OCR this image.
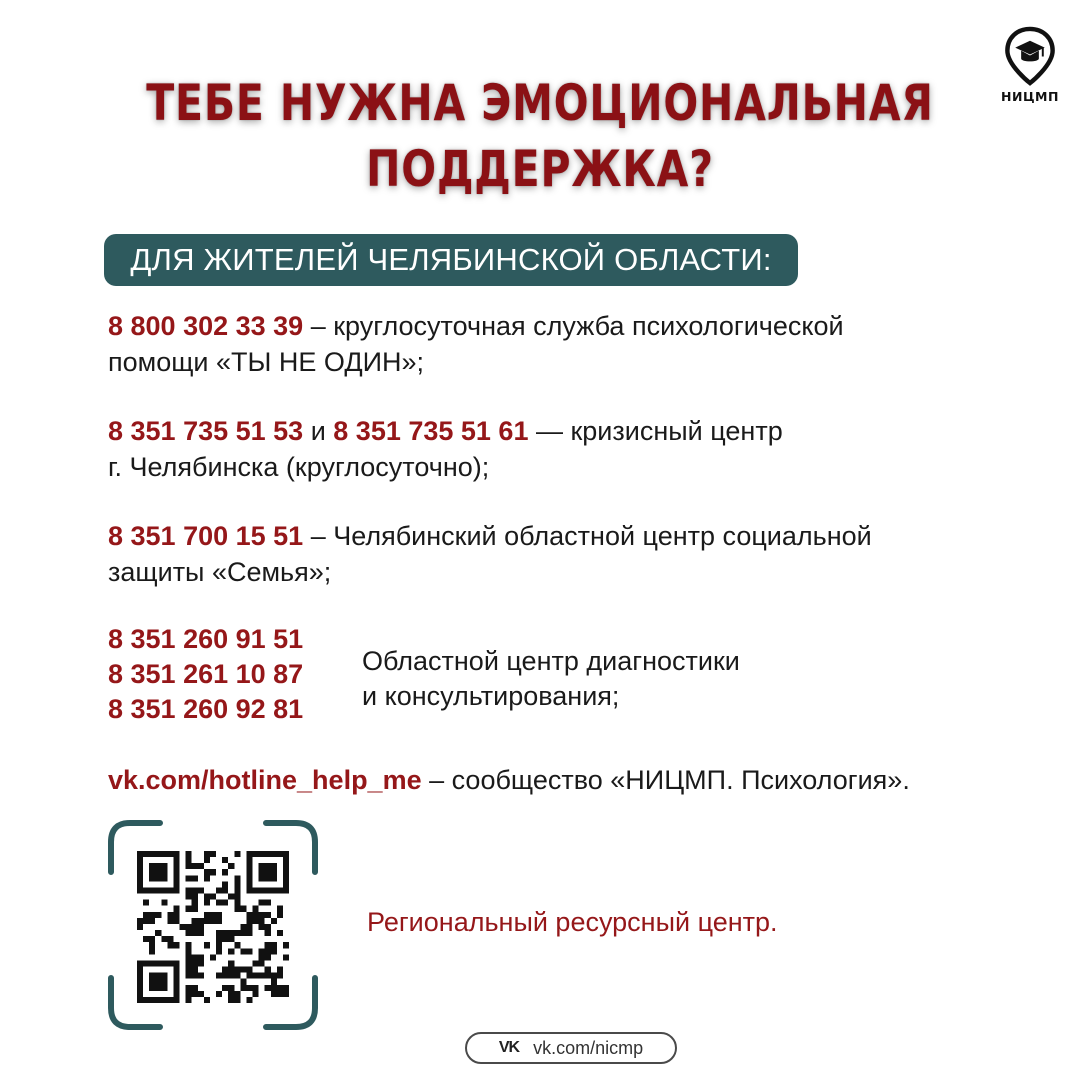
НИЦМП
ТЕБЕ НУЖНА ЭМОЦИОНАЛЬНАЯ
ПОДДЕРЖКА?
ДЛЯ ЖИТЕЛЕЙ ЧЕЛЯБИНСКОЙ ОБЛАСТИ:
8 800 302 33 39 – круглосуточная служба психологической
помощи «ТЫ НЕ ОДИН»;
8 351 735 51 53 и 8 351 735 51 61 — кризисный центр
г. Челябинска (круглосуточно);
8 351 700 15 51 – Челябинский областной центр социальной
защиты «Семья»;
8 351 260 91 51
8 351 261 10 87
8 351 260 92 81
Областной центр диагностики
и консультирования;
vk.com/hotline_help_me – сообщество «НИЦМП. Психология».
Региональный ресурсный центр.
VK vk.com/nicmp
